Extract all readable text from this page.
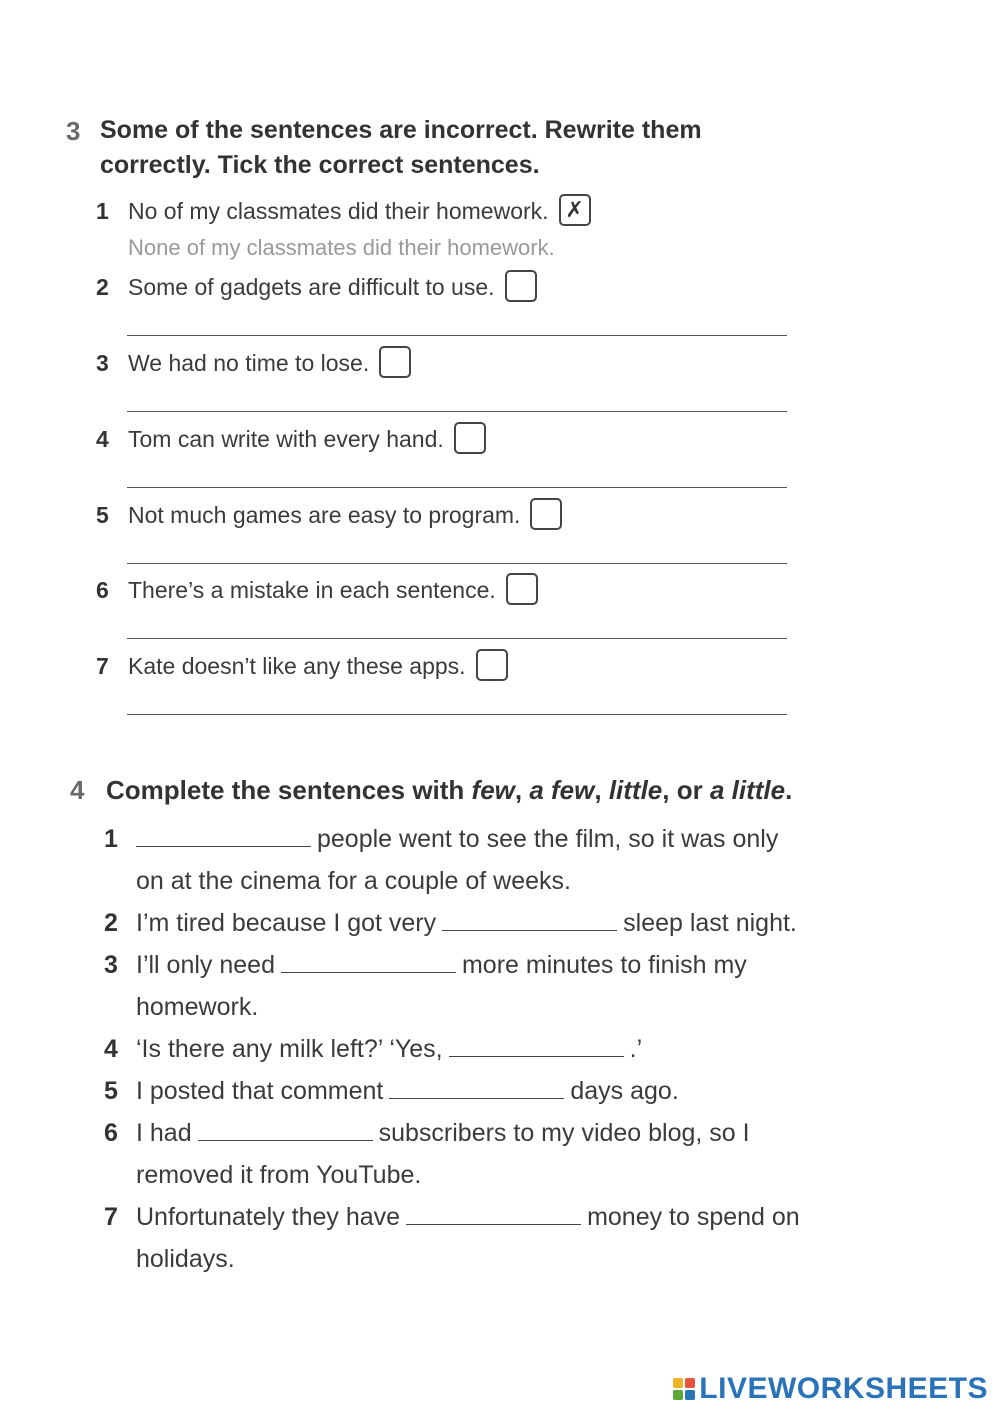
3 Some of the sentences are incorrect. Rewrite them
correctly. Tick the correct sentences.
1 No of my classmates did their homework. ✗
None of my classmates did their homework.
2 Some of gadgets are difficult to use.
3 We had no time to lose.
4 Tom can write with every hand.
5 Not much games are easy to program.
6 There’s a mistake in each sentence.
7 Kate doesn’t like any these apps.
4 Complete the sentences with few, a few, little, or a little.
1	people went to see the film, so it was only
on at the cinema for a couple of weeks.
2 I’m tired because I got very	sleep last night.
3 I’ll only need	more minutes to finish my
homework.
4 ‘Is there any milk left?’ ‘Yes,	.’
5 I posted that comment	days ago.
6 I had	subscribers to my video blog, so I
removed it from YouTube.
7 Unfortunately they have	money to spend on
holidays.
LIVEWORKSHEETS
